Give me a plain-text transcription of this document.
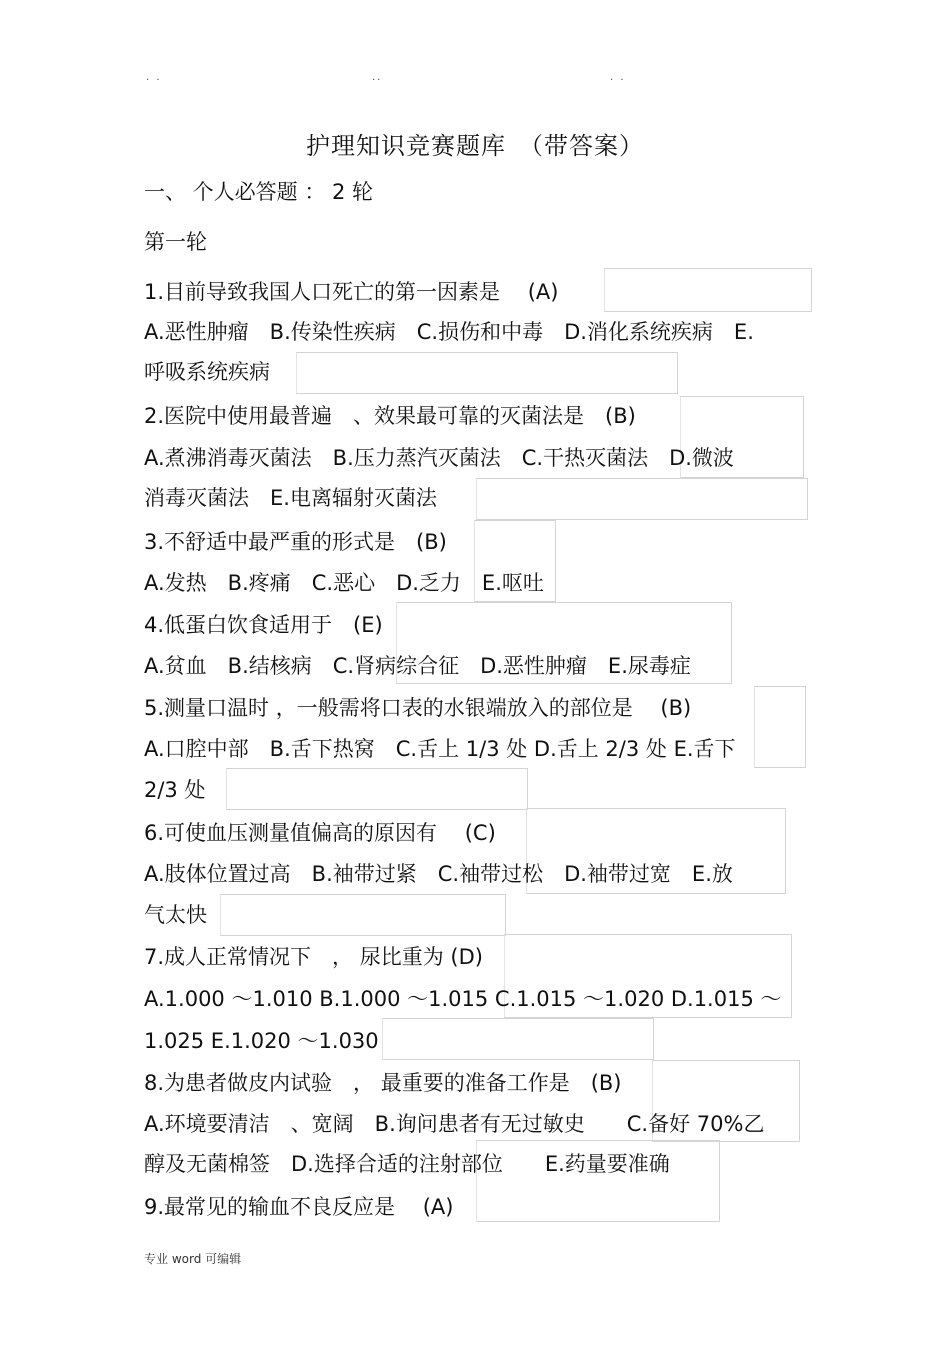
. .	..	. .
护理知识竞赛题库　（带答案）
一、 个人必答题 ： 2 轮
第一轮
1.目前导致我国人口死亡的第一因素是　 (A)
A.恶性肿瘤　B.传染性疾病　C.损伤和中毒　D.消化系统疾病　E.
呼吸系统疾病
2.医院中使用最普遍　、效果最可靠的灭菌法是　(B)
A.煮沸消毒灭菌法　B.压力蒸汽灭菌法　C.干热灭菌法　D.微波
消毒灭菌法　E.电离辐射灭菌法
3.不舒适中最严重的形式是　(B)
A.发热　B.疼痛　C.恶心　D.乏力　E.呕吐
4.低蛋白饮食适用于　(E)
A.贫血　B.结核病　C.肾病综合征　D.恶性肿瘤　E.尿毒症
5.测量口温时 ，一般需将口表的水银端放入的部位是　 (B)
A.口腔中部　B.舌下热窝　C.舌上 1/3 处 D.舌上 2/3 处 E.舌下
2/3 处
6.可使血压测量值偏高的原因有　 (C)
A.肢体位置过高　B.袖带过紧　C.袖带过松　D.袖带过宽　E.放
气太快
7.成人正常情况下　， 尿比重为 (D)
A.1.000 ～1.010 B.1.000 ～1.015 C.1.015 ～1.020 D.1.015 ～
1.025 E.1.020 ～1.030
8.为患者做皮内试验　， 最重要的准备工作是　(B)
A.环境要清洁　、宽阔　B.询问患者有无过敏史　　C.备好 70%乙
醇及无菌棉签　D.选择合适的注射部位　　E.药量要准确
9.最常见的输血不良反应是　 (A)
专业 word 可编辑
